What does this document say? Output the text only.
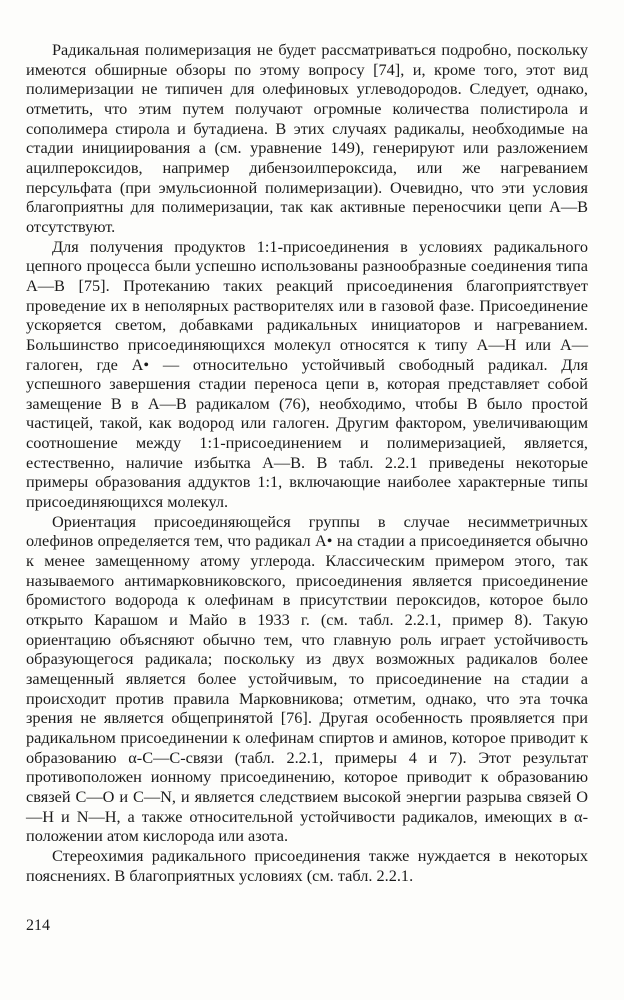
Радикальная полимеризация не будет рассматриваться подробно, поскольку имеются обширные обзоры по этому вопросу [74], и, кроме того, этот вид полимеризации не типичен для олефиновых углеводородов. Следует, однако, отметить, что этим путем получают огромные количества полистирола и сополимера стирола и бутадиена. В этих случаях радикалы, необходимые на стадии инициирования а (см. уравнение 149), генерируют или разложением ацилпероксидов, например дибензоилпероксида, или же нагреванием персульфата (при эмульсионной полимеризации). Очевидно, что эти условия благоприятны для полимеризации, так как активные переносчики цепи А—В отсутствуют.

Для получения продуктов 1:1-присоединения в условиях радикального цепного процесса были успешно использованы разнообразные соединения типа А—В [75]. Протеканию таких реакций присоединения благоприятствует проведение их в неполярных растворителях или в газовой фазе. Присоединение ускоряется светом, добавками радикальных инициаторов и нагреванием. Большинство присоединяющихся молекул относятся к типу А—Н или А—галоген, где А• — относительно устойчивый свободный радикал. Для успешного завершения стадии переноса цепи в, которая представляет собой замещение В в А—В радикалом (76), необходимо, чтобы В было простой частицей, такой, как водород или галоген. Другим фактором, увеличивающим соотношение между 1:1-присоединением и полимеризацией, является, естественно, наличие избытка А—В. В табл. 2.2.1 приведены некоторые примеры образования аддуктов 1:1, включающие наиболее характерные типы присоединяющихся молекул.

Ориентация присоединяющейся группы в случае несимметричных олефинов определяется тем, что радикал А• на стадии а присоединяется обычно к менее замещенному атому углерода. Классическим примером этого, так называемого антимарковниковского, присоединения является присоединение бромистого водорода к олефинам в присутствии пероксидов, которое было открыто Карашом и Майо в 1933 г. (см. табл. 2.2.1, пример 8). Такую ориентацию объясняют обычно тем, что главную роль играет устойчивость образующегося радикала; поскольку из двух возможных радикалов более замещенный является более устойчивым, то присоединение на стадии а происходит против правила Марковникова; отметим, однако, что эта точка зрения не является общепринятой [76]. Другая особенность проявляется при радикальном присоединении к олефинам спиртов и аминов, которое приводит к образованию α-С—С-связи (табл. 2.2.1, примеры 4 и 7). Этот результат противоположен ионному присоединению, которое приводит к образованию связей С—О и С—N, и является следствием высокой энергии разрыва связей О—Н и N—Н, а также относительной устойчивости радикалов, имеющих в α-положении атом кислорода или азота.

Стереохимия радикального присоединения также нуждается в некоторых пояснениях. В благоприятных условиях (см. табл. 2.2.1.

214
